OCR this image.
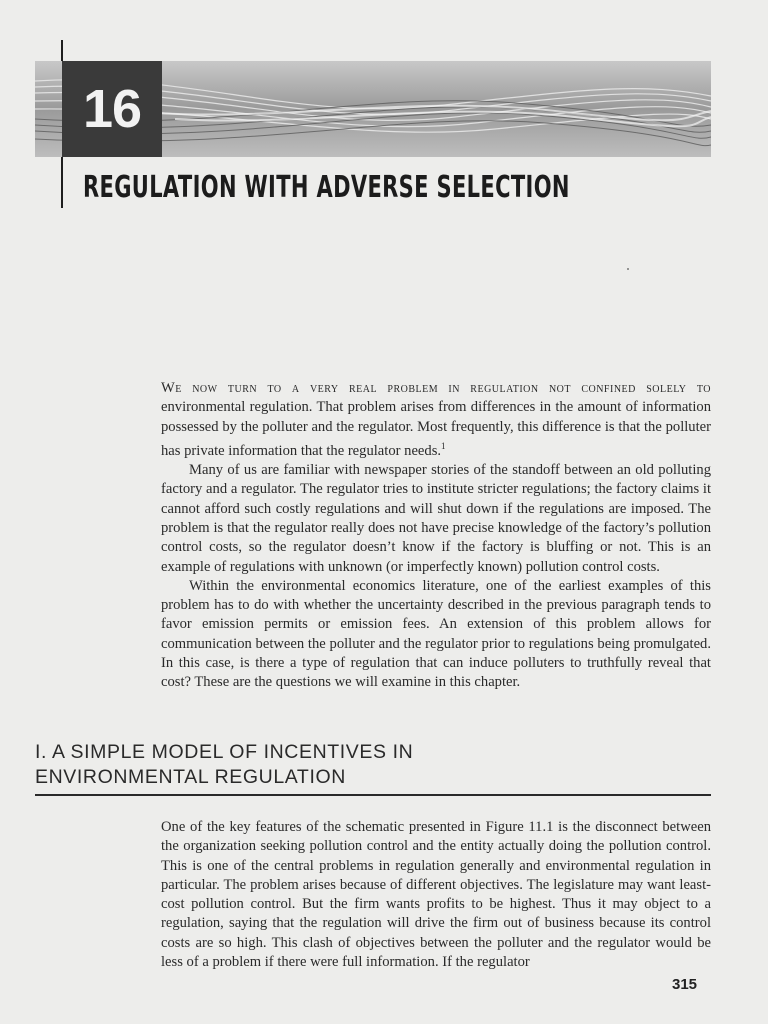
16
REGULATION WITH ADVERSE SELECTION

We now turn to a very real problem in regulation not confined solely to environmental regulation. That problem arises from differences in the amount of information possessed by the polluter and the regulator. Most frequently, this difference is that the polluter has private information that the regulator needs.$^1$

Many of us are familiar with newspaper stories of the standoff between an old polluting factory and a regulator. The regulator tries to institute stricter regulations; the factory claims it cannot afford such costly regulations and will shut down if the regulations are imposed. The problem is that the regulator really does not have precise knowledge of the factory’s pollution control costs, so the regulator doesn’t know if the factory is bluffing or not. This is an example of regulations with unknown (or imperfectly known) pollution control costs.

Within the environmental economics literature, one of the earliest examples of this problem has to do with whether the uncertainty described in the previous paragraph tends to favor emission permits or emission fees. An extension of this problem allows for communication between the polluter and the regulator prior to regulations being promulgated. In this case, is there a type of regulation that can induce polluters to truthfully reveal that cost? These are the questions we will examine in this chapter.

I. A SIMPLE MODEL OF INCENTIVES IN
ENVIRONMENTAL REGULATION

One of the key features of the schematic presented in Figure 11.1 is the disconnect between the organization seeking pollution control and the entity actually doing the pollution control. This is one of the central problems in regulation generally and environmental regulation in particular. The problem arises because of different objectives. The legislature may want least-cost pollution control. But the firm wants profits to be highest. Thus it may object to a regulation, saying that the regulation will drive the firm out of business because its control costs are so high. This clash of objectives between the polluter and the regulator would be less of a problem if there were full information. If the regulator

315
